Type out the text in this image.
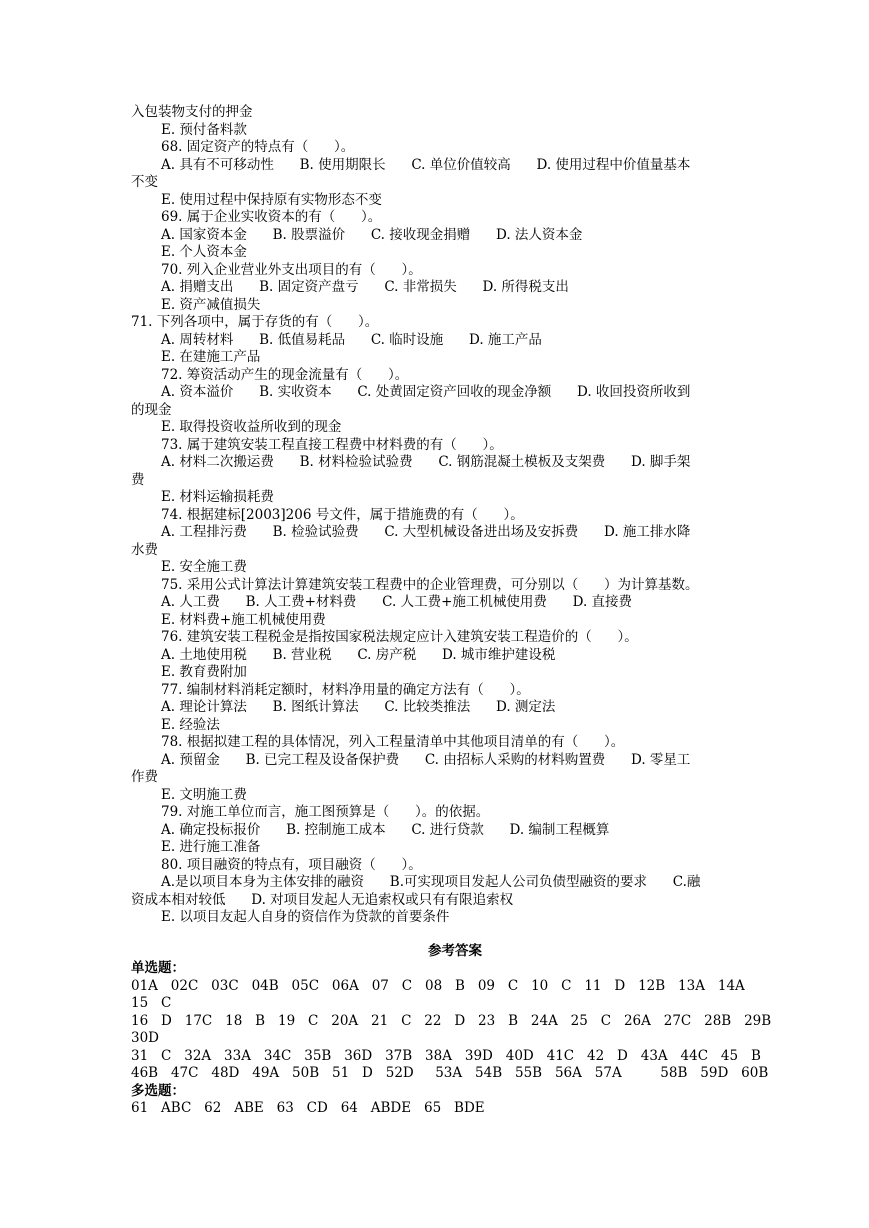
入包装物支付的押金
E. 预付备料款
68. 固定资产的特点有（      ）。
A. 具有不可移动性      B. 使用期限长      C. 单位价值较高      D. 使用过程中价值量基本
不变
E. 使用过程中保持原有实物形态不变
69. 属于企业实收资本的有（      ）。
A. 国家资本金      B. 股票溢价      C. 接收现金捐赠      D. 法人资本金
E. 个人资本金
70. 列入企业营业外支出项目的有（      ）。
A. 捐赠支出      B. 固定资产盘亏      C. 非常损失      D. 所得税支出
E. 资产减值损失
71. 下列各项中，属于存货的有（      ）。
A. 周转材料      B. 低值易耗品      C. 临时设施      D. 施工产品
E. 在建施工产品
72. 筹资活动产生的现金流量有（      ）。
A. 资本溢价      B. 实收资本      C. 处黄固定资产回收的现金净额      D. 收回投资所收到
的现金
E. 取得投资收益所收到的现金
73. 属于建筑安装工程直接工程费中材料费的有（      ）。
A. 材料二次搬运费      B. 材料检验试验费      C. 钢筋混凝土模板及支架费      D. 脚手架
费
E. 材料运输损耗费
74. 根据建标[2003]206 号文件，属于措施费的有（      ）。
A. 工程排污费      B. 检验试验费      C. 大型机械设备进出场及安拆费      D. 施工排水降
水费
E. 安全施工费
75. 采用公式计算法计算建筑安装工程费中的企业管理费，可分别以（      ）为计算基数。
A. 人工费      B. 人工费+材料费      C. 人工费+施工机械使用费      D. 直接费
E. 材料费+施工机械使用费
76. 建筑安装工程税金是指按国家税法规定应计入建筑安装工程造价的（      ）。
A. 土地使用税      B. 营业税      C. 房产税      D. 城市维护建设税
E. 教育费附加
77. 编制材料消耗定额时，材料净用量的确定方法有（      ）。
A. 理论计算法      B. 图纸计算法      C. 比较类推法      D. 测定法
E. 经验法
78. 根据拟建工程的具体情况，列入工程量清单中其他项目清单的有（      ）。
A. 预留金      B. 已完工程及设备保护费      C. 由招标人采购的材料购置费      D. 零星工
作费
E. 文明施工费
79. 对施工单位而言，施工图预算是（      ）。的依据。
A. 确定投标报价      B. 控制施工成本      C. 进行贷款      D. 编制工程概算
E. 进行施工准备
80. 项目融资的特点有，项目融资（      ）。
A.是以项目本身为主体安排的融资      B.可实现项目发起人公司负债型融资的要求      C.融
资成本相对较低      D. 对项目发起人无追索权或只有有限追索权
E. 以项目友起人自身的资信作为贷款的首要条件
参考答案
单选题：
01A   02C   03C   04B   05C   06A   07   C   08   B   09   C   10   C   11   D   12B   13A   14A
15   C
16   D   17C   18   B   19   C   20A   21   C   22   D   23   B   24A   25   C   26A   27C   28B   29B
30D
31   C   32A   33A   34C   35B   36D   37B   38A   39D   40D   41C   42   D   43A   44C   45   B
46B   47C   48D   49A   50B   51   D   52D     53A   54B   55B   56A   57A         58B   59D   60B
多选题：
61   ABC   62   ABE   63   CD   64   ABDE   65   BDE
